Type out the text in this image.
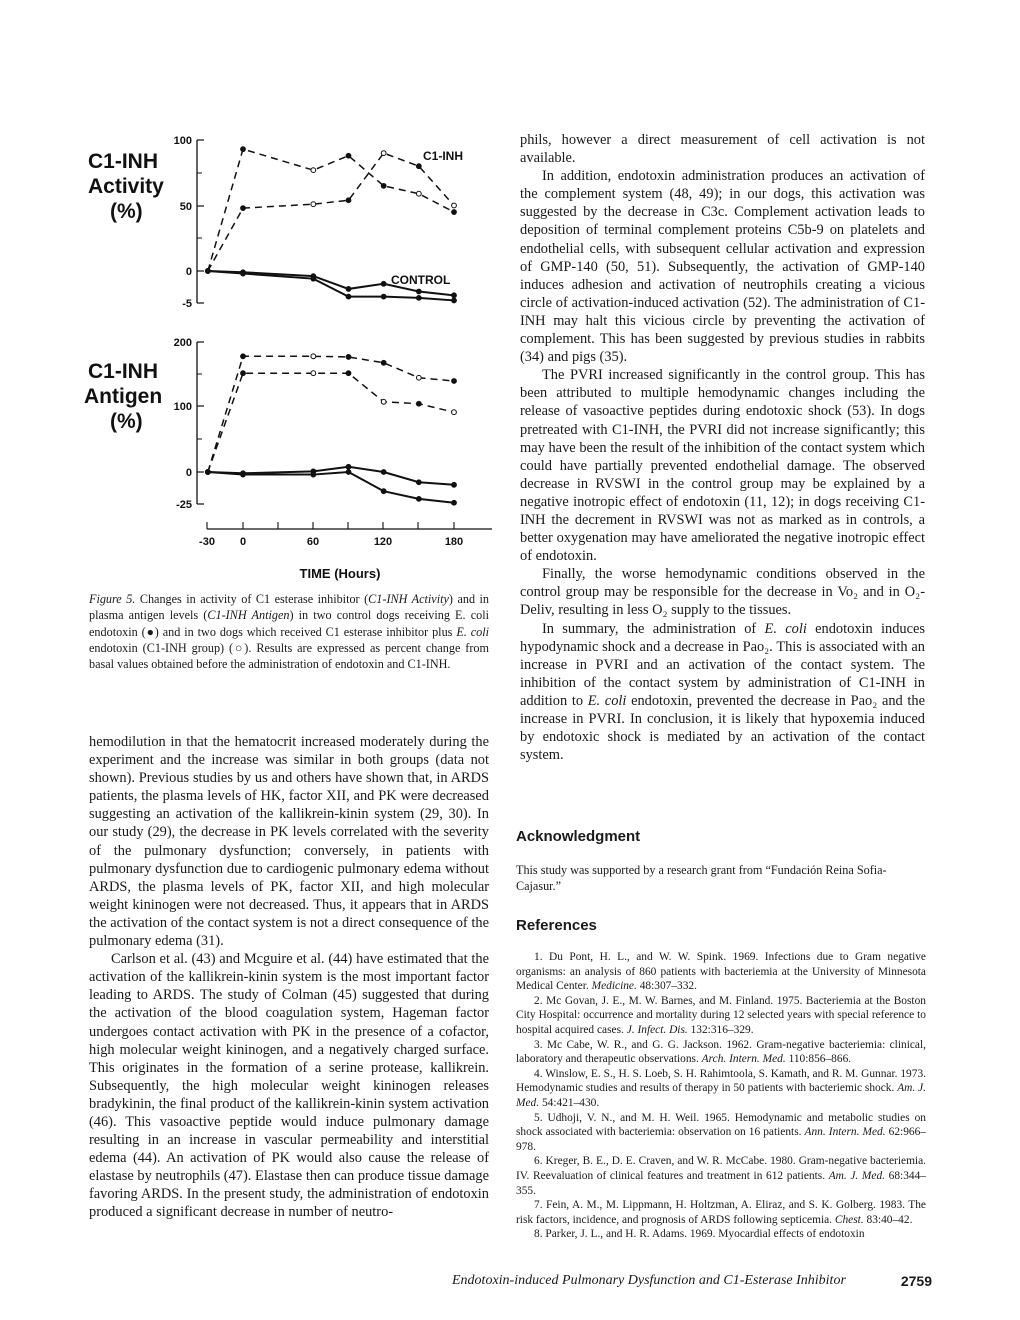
C1-INH
Activity
(%)
100
50
0
-5
C1-INH
CONTROL
C1-INH
Antigen
(%)
200
100
0
-25
-30 0	60	120	180
TIME (Hours)
Figure 5. Changes in activity of C1 esterase inhibitor (C1-INH Activity) and in plasma antigen levels (C1-INH Antigen) in two control dogs receiving E. coli endotoxin (●) and in two dogs which received C1 esterase inhibitor plus E. coli endotoxin (C1-INH group) (○). Results are expressed as percent change from basal values obtained before the administration of endotoxin and C1-INH.

hemodilution in that the hematocrit increased moderately during the experiment and the increase was similar in both groups (data not shown). Previous studies by us and others have shown that, in ARDS patients, the plasma levels of HK, factor XII, and PK were decreased suggesting an activation of the kallikrein-kinin system (29, 30). In our study (29), the decrease in PK levels correlated with the severity of the pulmonary dysfunction; conversely, in patients with pulmonary dysfunction due to cardiogenic pulmonary edema without ARDS, the plasma levels of PK, factor XII, and high molecular weight kininogen were not decreased. Thus, it appears that in ARDS the activation of the contact system is not a direct consequence of the pulmonary edema (31).

Carlson et al. (43) and Mcguire et al. (44) have estimated that the activation of the kallikrein-kinin system is the most important factor leading to ARDS. The study of Colman (45) suggested that during the activation of the blood coagulation system, Hageman factor undergoes contact activation with PK in the presence of a cofactor, high molecular weight kininogen, and a negatively charged surface. This originates in the formation of a serine protease, kallikrein. Subsequently, the high molecular weight kininogen releases bradykinin, the final product of the kallikrein-kinin system activation (46). This vasoactive peptide would induce pulmonary damage resulting in an increase in vascular permeability and interstitial edema (44). An activation of PK would also cause the release of elastase by neutrophils (47). Elastase then can produce tissue damage favoring ARDS. In the present study, the administration of endotoxin produced a significant decrease in number of neutro-

phils, however a direct measurement of cell activation is not available.

In addition, endotoxin administration produces an activation of the complement system (48, 49); in our dogs, this activation was suggested by the decrease in C3c. Complement activation leads to deposition of terminal complement proteins C5b-9 on platelets and endothelial cells, with subsequent cellular activation and expression of GMP-140 (50, 51). Subsequently, the activation of GMP-140 induces adhesion and activation of neutrophils creating a vicious circle of activation-induced activation (52). The administration of C1-INH may halt this vicious circle by preventing the activation of complement. This has been suggested by previous studies in rabbits (34) and pigs (35).

The PVRI increased significantly in the control group. This has been attributed to multiple hemodynamic changes including the release of vasoactive peptides during endotoxic shock (53). In dogs pretreated with C1-INH, the PVRI did not increase significantly; this may have been the result of the inhibition of the contact system which could have partially prevented endothelial damage. The observed decrease in RVSWI in the control group may be explained by a negative inotropic effect of endotoxin (11, 12); in dogs receiving C1-INH the decrement in RVSWI was not as marked as in controls, a better oxygenation may have ameliorated the negative inotropic effect of endotoxin.

Finally, the worse hemodynamic conditions observed in the control group may be responsible for the decrease in Vo₂ and in O₂-Deliv, resulting in less O₂ supply to the tissues.

In summary, the administration of E. coli endotoxin induces hypodynamic shock and a decrease in Pao₂. This is associated with an increase in PVRI and an activation of the contact system. The inhibition of the contact system by administration of C1-INH in addition to E. coli endotoxin, prevented the decrease in Pao₂ and the increase in PVRI. In conclusion, it is likely that hypoxemia induced by endotoxic shock is mediated by an activation of the contact system.

Acknowledgment
This study was supported by a research grant from “Fundación Reina Sofia-Cajasur.”
References

1. Du Pont, H. L., and W. W. Spink. 1969. Infections due to Gram negative organisms: an analysis of 860 patients with bacteriemia at the University of Minnesota Medical Center. Medicine. 48:307–332.

2. Mc Govan, J. E., M. W. Barnes, and M. Finland. 1975. Bacteriemia at the Boston City Hospital: occurrence and mortality during 12 selected years with special reference to hospital acquired cases. J. Infect. Dis. 132:316–329.

3. Mc Cabe, W. R., and G. G. Jackson. 1962. Gram-negative bacteriemia: clinical, laboratory and therapeutic observations. Arch. Intern. Med. 110:856–866.

4. Winslow, E. S., H. S. Loeb, S. H. Rahimtoola, S. Kamath, and R. M. Gunnar. 1973. Hemodynamic studies and results of therapy in 50 patients with bacteriemic shock. Am. J. Med. 54:421–430.

5. Udhoji, V. N., and M. H. Weil. 1965. Hemodynamic and metabolic studies on shock associated with bacteriemia: observation on 16 patients. Ann. Intern. Med. 62:966–978.

6. Kreger, B. E., D. E. Craven, and W. R. McCabe. 1980. Gram-negative bacteriemia. IV. Reevaluation of clinical features and treatment in 612 patients. Am. J. Med. 68:344–355.

7. Fein, A. M., M. Lippmann, H. Holtzman, A. Eliraz, and S. K. Golberg. 1983. The risk factors, incidence, and prognosis of ARDS following septicemia. Chest. 83:40–42.

8. Parker, J. L., and H. R. Adams. 1969. Myocardial effects of endotoxin

Endotoxin-induced Pulmonary Dysfunction and C1-Esterase Inhibitor	2759
